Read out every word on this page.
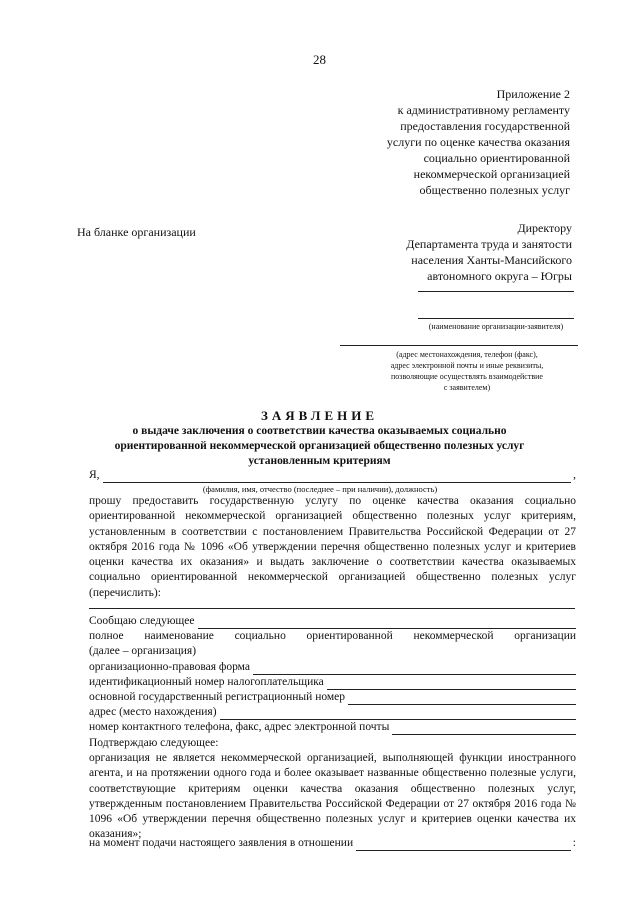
28
Приложение 2
к административному регламенту
предоставления государственной
услуги по оценке качества оказания
социально ориентированной
некоммерческой организацией
общественно полезных услуг
На бланке организации	Директору
Департамента труда и занятости
населения Ханты-Мансийского
автономного округа – Югры
(наименование организации-заявителя)
(адрес местонахождения, телефон (факс),
адрес электронной почты и иные реквизиты,
позволяющие осуществлять взаимодействие
с заявителем)
ЗАЯВЛЕНИЕ
о выдаче заключения о соответствии качества оказываемых социально
ориентированной некоммерческой организацией общественно полезных услуг
установленным критериям
Я,	,
(фамилия, имя, отчество (последнее – при наличии), должность)
прошу предоставить государственную услугу по оценке качества оказания социально ориентированной некоммерческой организацией общественно полезных услуг критериям, установленным в соответствии с постановлением Правительства Российской Федерации от 27 октября 2016 года № 1096 «Об утверждении перечня общественно полезных услуг и критериев оценки качества их оказания» и выдать заключение о соответствии качества оказываемых социально ориентированной некоммерческой организацией общественно полезных услуг (перечислить):
Сообщаю следующее
полное наименование социально ориентированной некоммерческой организации
(далее – организация)
организационно-правовая форма
идентификационный номер налогоплательщика
основной государственный регистрационный номер
адрес (место нахождения)
номер контактного телефона, факс, адрес электронной почты
Подтверждаю следующее:
организация не является некоммерческой организацией, выполняющей функции иностранного агента, и на протяжении одного года и более оказывает названные общественно полезные услуги, соответствующие критериям оценки качества оказания общественно полезных услуг, утвержденным постановлением Правительства Российской Федерации от 27 октября 2016 года № 1096 «Об утверждении перечня общественно полезных услуг и критериев оценки качества их оказания»;
на момент подачи настоящего заявления в отношении	:
